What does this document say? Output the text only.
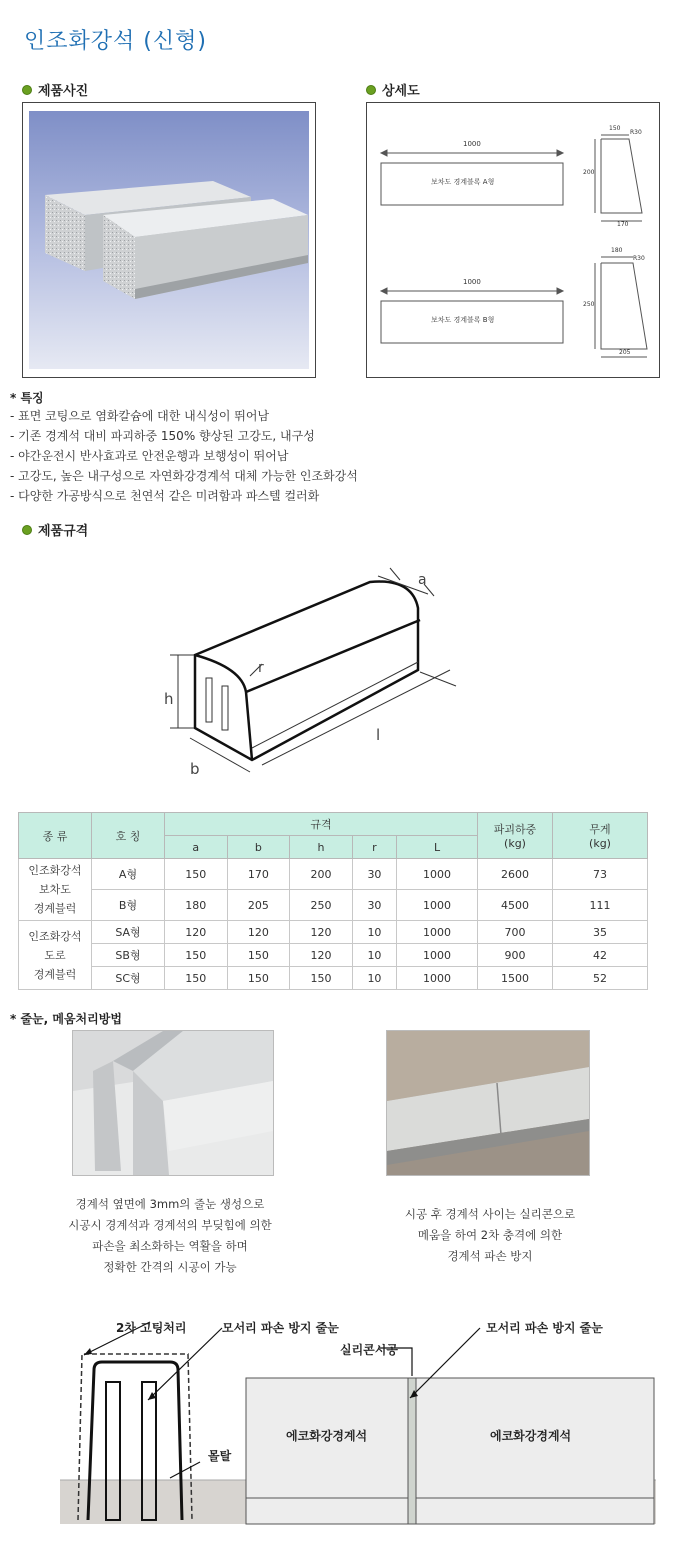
인조화강석 (신형)
제품사진	상세도
1000
보차도 경계블록 A형
150
R30
200
170
1000
보차도 경계블록 B형
180
R30
250
205
* 특징
- 표면 코팅으로 염화칼슘에 대한 내식성이 뛰어남
- 기존 경계석 대비 파괴하중 150% 향상된 고강도, 내구성
- 야간운전시 반사효과로 안전운행과 보행성이 뛰어남
- 고강도, 높은 내구성으로 자연화강경계석 대체 가능한 인조화강석
- 다양한 가공방식으로 천연석 같은 미려함과 파스텔 컬러화
제품규격
a
r
h
l
b
종 류	호 칭	규격					파괴하중
(kg)	무게
(kg)
		a	b	h	r	L		
인조화강석
보차도
경계블럭	A형	150	170	200	30	1000	2600	73
	B형	180	205	250	30	1000	4500	111
인조화강석
도로
경계블럭	SA형	120	120	120	10	1000	700	35
	SB형	150	150	120	10	1000	900	42
	SC형	150	150	150	10	1000	1500	52
* 줄눈, 메움처리방법
경계석 옆면에 3mm의 줄눈 생성으로
시공시 경계석과 경계석의 부딪힘에 의한
파손을 최소화하는 역활을 하며
정확한 간격의 시공이 가능
시공 후 경계석 사이는 실리콘으로
메움을 하여 2차 충격에 의한
경계석 파손 방지
2차 고팅처리	모서리 파손 방지 줄눈	모서리 파손 방지 줄눈
실리콘시공
몰탈
에코화강경계석	에코화강경계석
